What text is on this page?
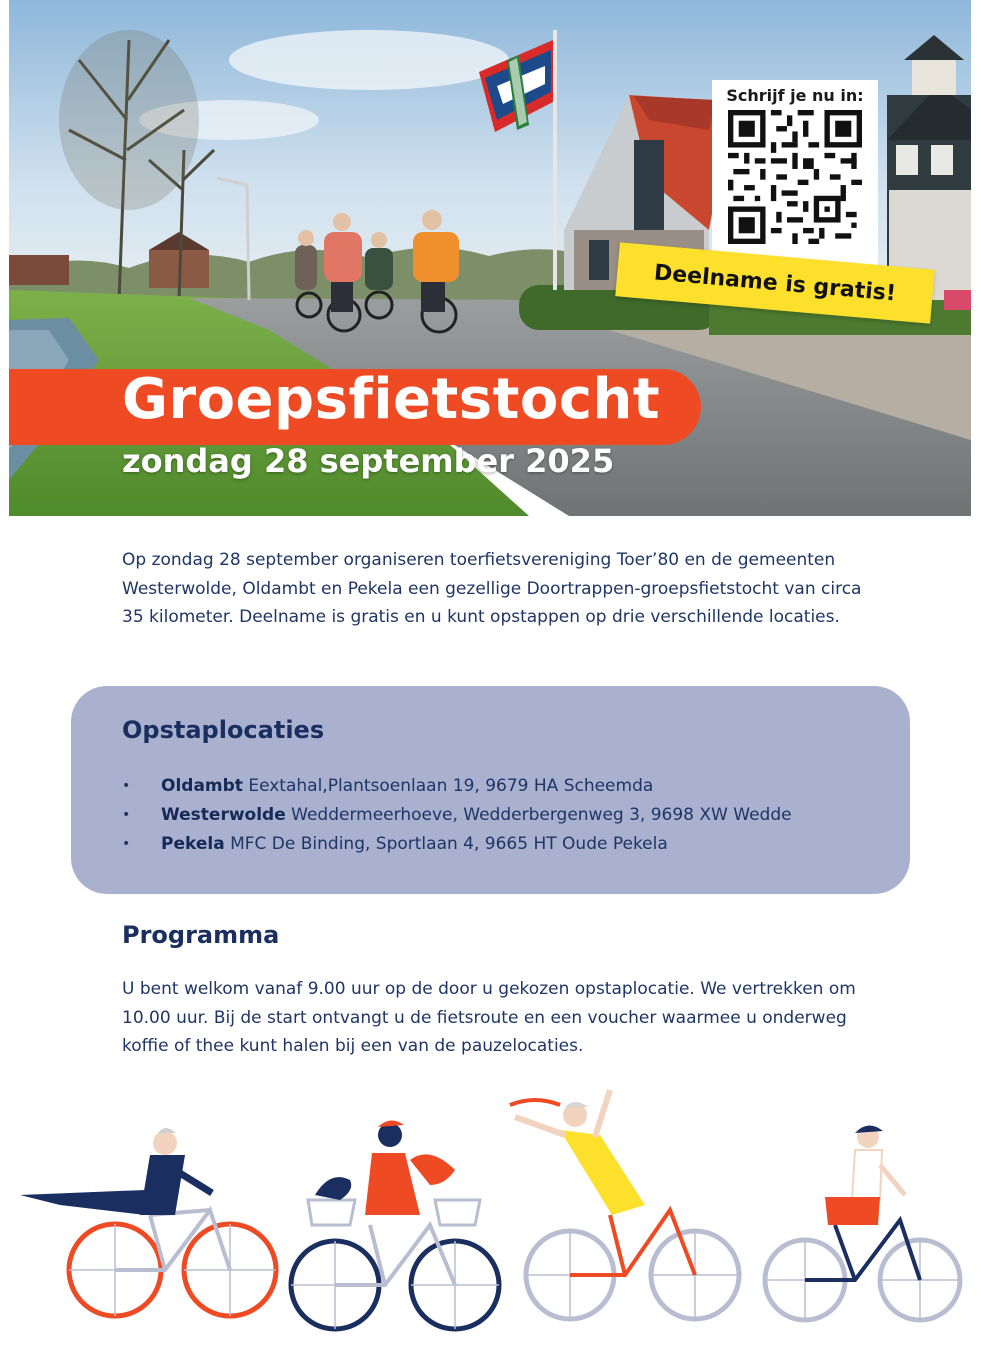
Groepsfietstocht
zondag 28 september 2025
Schrijf je nu in:
Deelname is gratis!
Op zondag 28 september organiseren toerfietsvereniging Toer’80 en de gemeenten Westerwolde, Oldambt en Pekela een gezellige Doortrappen-groepsfietstocht van circa 35 kilometer. Deelname is gratis en u kunt opstappen op drie verschillende locaties.
Opstaplocaties
• Oldambt Eextahal,Plantsoenlaan 19, 9679 HA Scheemda
• Westerwolde Weddermeerhoeve, Wedderbergenweg 3, 9698 XW Wedde
• Pekela MFC De Binding, Sportlaan 4, 9665 HT Oude Pekela
Programma
U bent welkom vanaf 9.00 uur op de door u gekozen opstaplocatie. We vertrekken om 10.00 uur. Bij de start ontvangt u de fietsroute en een voucher waarmee u onderweg koffie of thee kunt halen bij een van de pauzelocaties.
